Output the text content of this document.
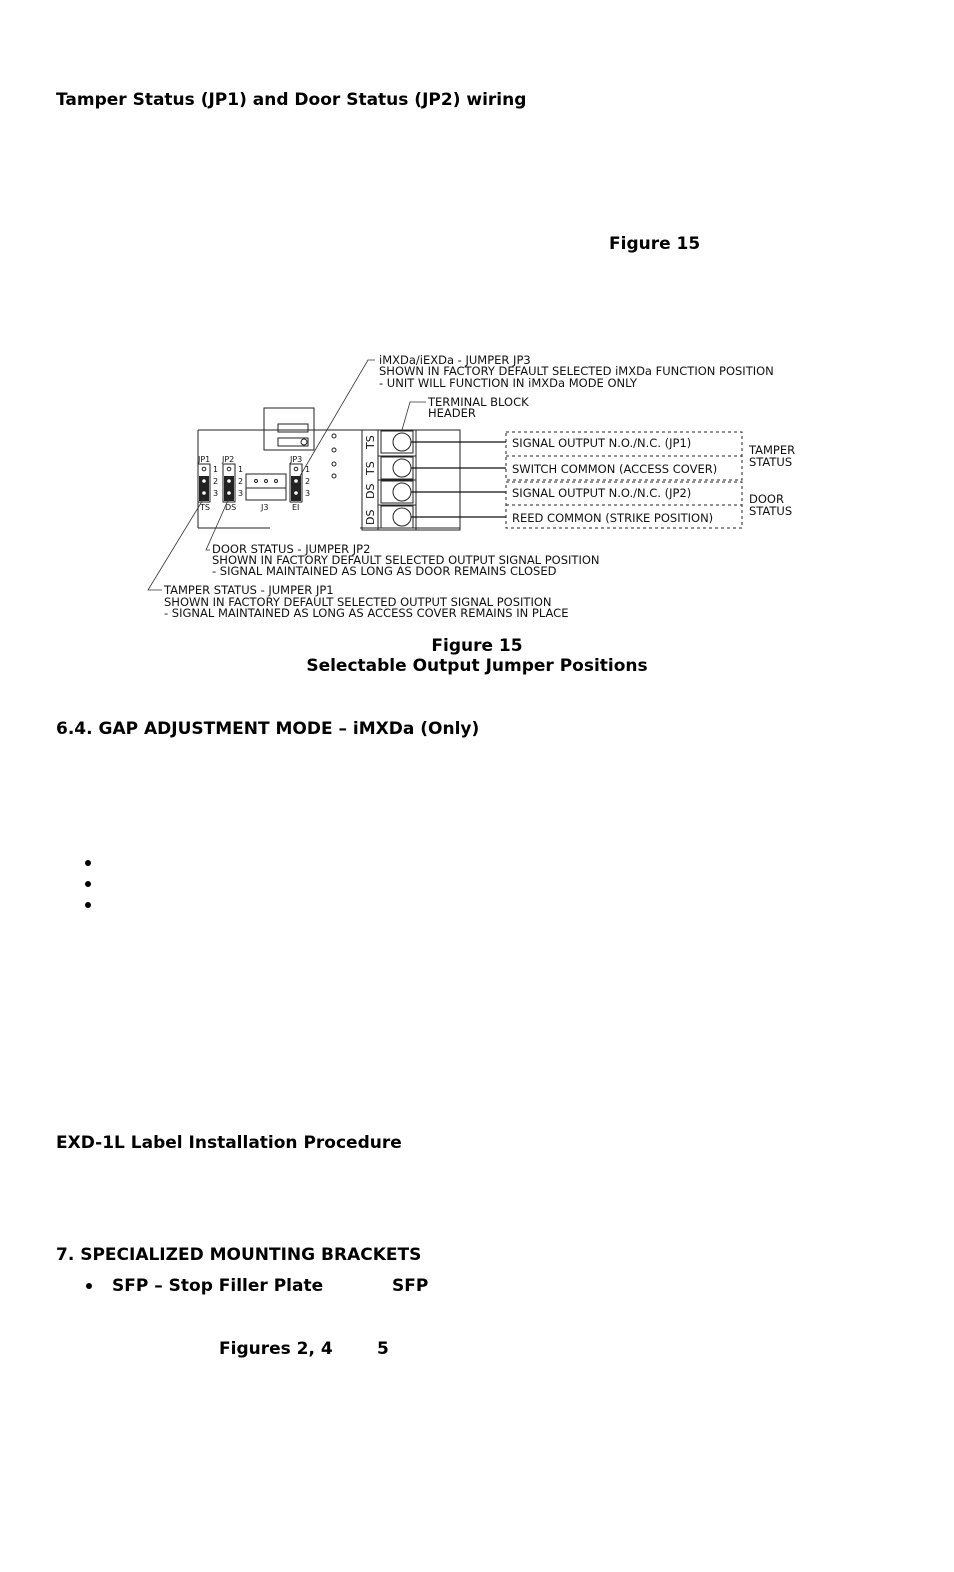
Tamper Status (JP1) and Door Status (JP2) wiring
Figure 15
TS
TS
DS
DS
SIGNAL OUTPUT N.O./N.C. (JP1)
SWITCH COMMON (ACCESS COVER)
SIGNAL OUTPUT N.O./N.C. (JP2)
REED COMMON (STRIKE POSITION)
TAMPER
STATUS
DOOR
STATUS
JP1 JP2	JP3
1
2
3
TS
1
2
3
DS	J3
1
2
3
EI
iMXDa/iEXDa - JUMPER JP3
SHOWN IN FACTORY DEFAULT SELECTED iMXDa FUNCTION POSITION
- UNIT WILL FUNCTION IN iMXDa MODE ONLY
TERMINAL BLOCK
HEADER
DOOR STATUS - JUMPER JP2
SHOWN IN FACTORY DEFAULT SELECTED OUTPUT SIGNAL POSITION
- SIGNAL MAINTAINED AS LONG AS DOOR REMAINS CLOSED
TAMPER STATUS - JUMPER JP1
SHOWN IN FACTORY DEFAULT SELECTED OUTPUT SIGNAL POSITION
- SIGNAL MAINTAINED AS LONG AS ACCESS COVER REMAINS IN PLACE
Figure 15
Selectable Output Jumper Positions
6.4. GAP ADJUSTMENT MODE – iMXDa (Only)
EXD-1L Label Installation Procedure
7. SPECIALIZED MOUNTING BRACKETS
SFP – Stop Filler Plate	SFP
Figures 2, 4	5
